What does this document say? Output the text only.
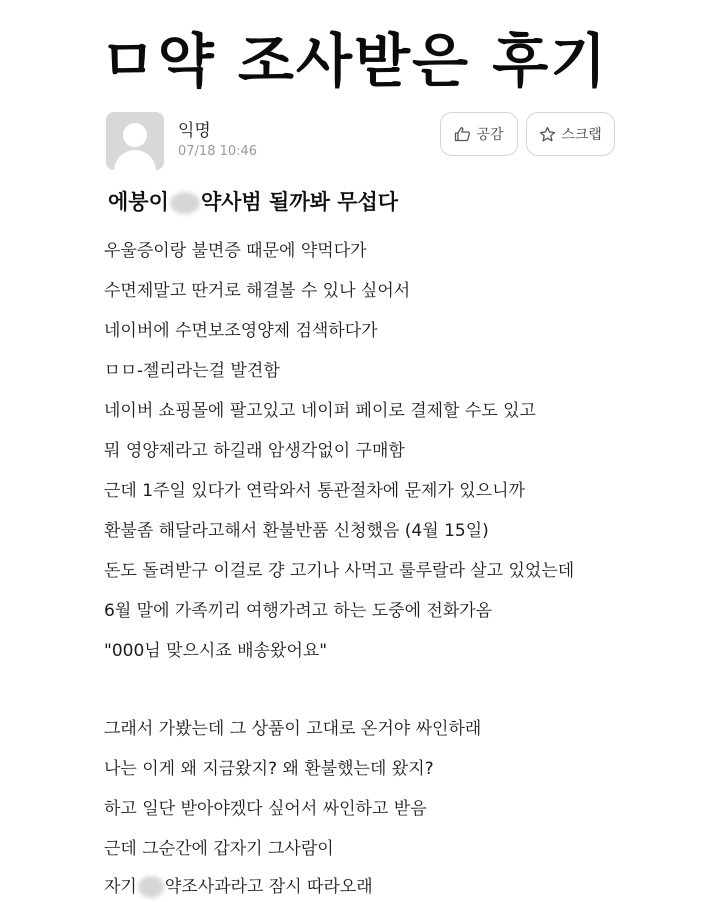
ㅁ약 조사받은 후기
익명
07/18 10:46
공감	스크랩
에붕이 약사범 될까봐 무섭다
우울증이랑 불면증 때문에 약먹다가
수면제말고 딴거로 해결볼 수 있나 싶어서
네이버에 수면보조영양제 검색하다가
ㅁㅁ-젤리라는걸 발견함
네이버 쇼핑몰에 팔고있고 네이퍼 페이로 결제할 수도 있고
뭐 영양제라고 하길래 암생각없이 구매함
근데 1주일 있다가 연락와서 통관절차에 문제가 있으니까
환불좀 해달라고해서 환불반품 신청했음 (4월 15일)
돈도 돌려받구 이걸로 걍 고기나 사먹고 룰루랄라 살고 있었는데
6월 말에 가족끼리 여행가려고 하는 도중에 전화가옴
"000님 맞으시죠 배송왔어요"
그래서 가봤는데 그 상품이 고대로 온거야 싸인하래
나는 이게 왜 지금왔지? 왜 환불했는데 왔지?
하고 일단 받아야겠다 싶어서 싸인하고 받음
근데 그순간에 갑자기 그사람이
자기 약조사과라고 잠시 따라오래
